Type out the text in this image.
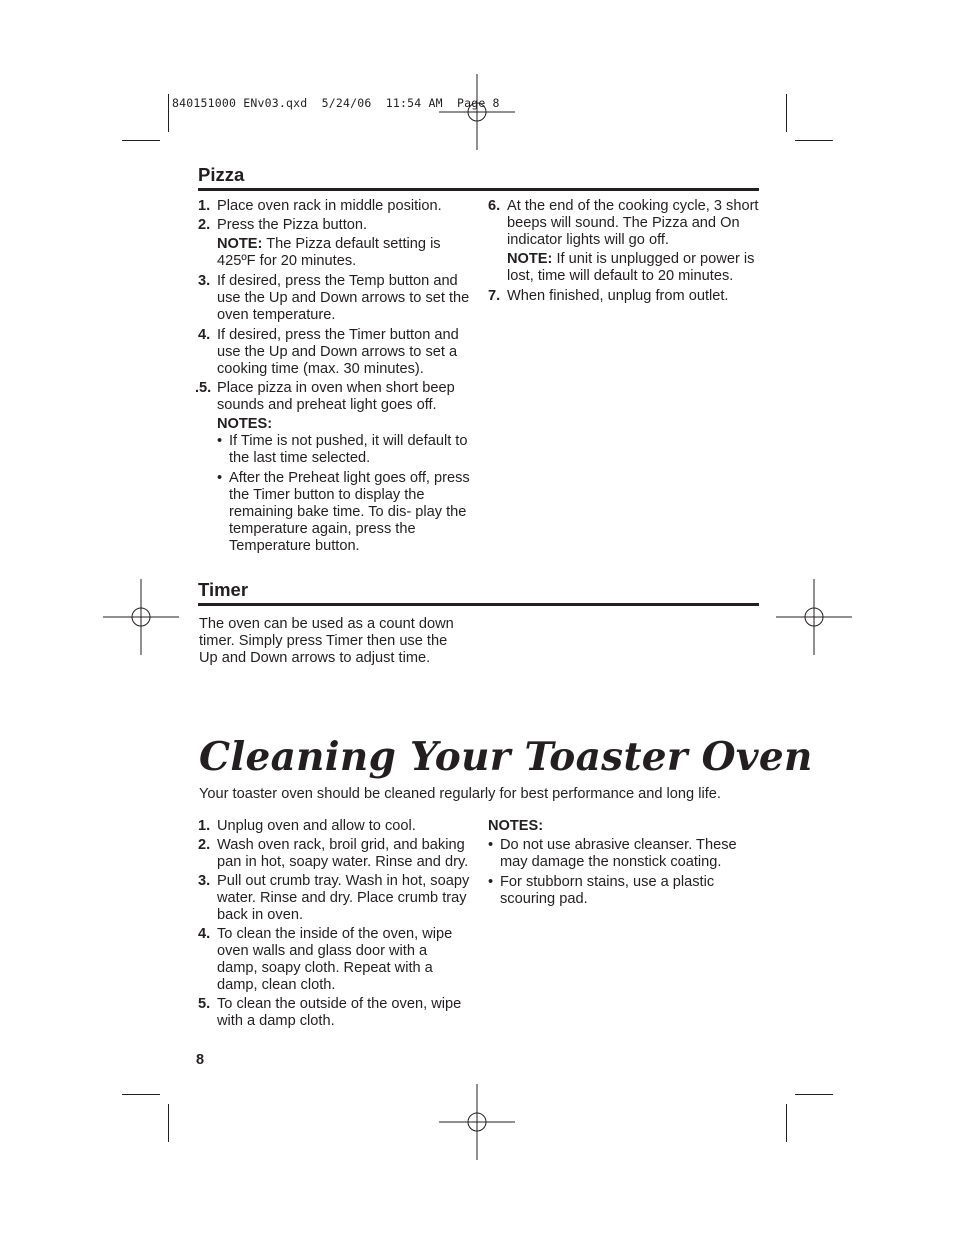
840151000 ENv03.qxd  5/24/06  11:54 AM  Page 8
Pizza
1. Place oven rack in middle position.
2. Press the Pizza button.
NOTE: The Pizza default setting is 425ºF for 20 minutes.
3. If desired, press the Temp button and use the Up and Down arrows to set the oven temperature.
4. If desired, press the Timer button and use the Up and Down arrows to set a cooking time (max. 30 minutes).
.5. Place pizza in oven when short beep sounds and preheat light goes off.
NOTES:
• If Time is not pushed, it will default to the last time selected.
• After the Preheat light goes off, press the Timer button to display the remaining bake time. To dis- play the temperature again, press the Temperature button.
6. At the end of the cooking cycle, 3 short beeps will sound. The Pizza and On indicator lights will go off.
NOTE: If unit is unplugged or power is lost, time will default to 20 minutes.
7. When finished, unplug from outlet.
Timer
The oven can be used as a count down timer. Simply press Timer then use the Up and Down arrows to adjust time.
Cleaning Your Toaster Oven
Your toaster oven should be cleaned regularly for best performance and long life.
1. Unplug oven and allow to cool.
2. Wash oven rack, broil grid, and baking pan in hot, soapy water. Rinse and dry.
3. Pull out crumb tray. Wash in hot, soapy water. Rinse and dry. Place crumb tray back in oven.
4. To clean the inside of the oven, wipe oven walls and glass door with a damp, soapy cloth. Repeat with a damp, clean cloth.
5. To clean the outside of the oven, wipe with a damp cloth.
NOTES:
• Do not use abrasive cleanser. These may damage the nonstick coating.
• For stubborn stains, use a plastic scouring pad.
8
